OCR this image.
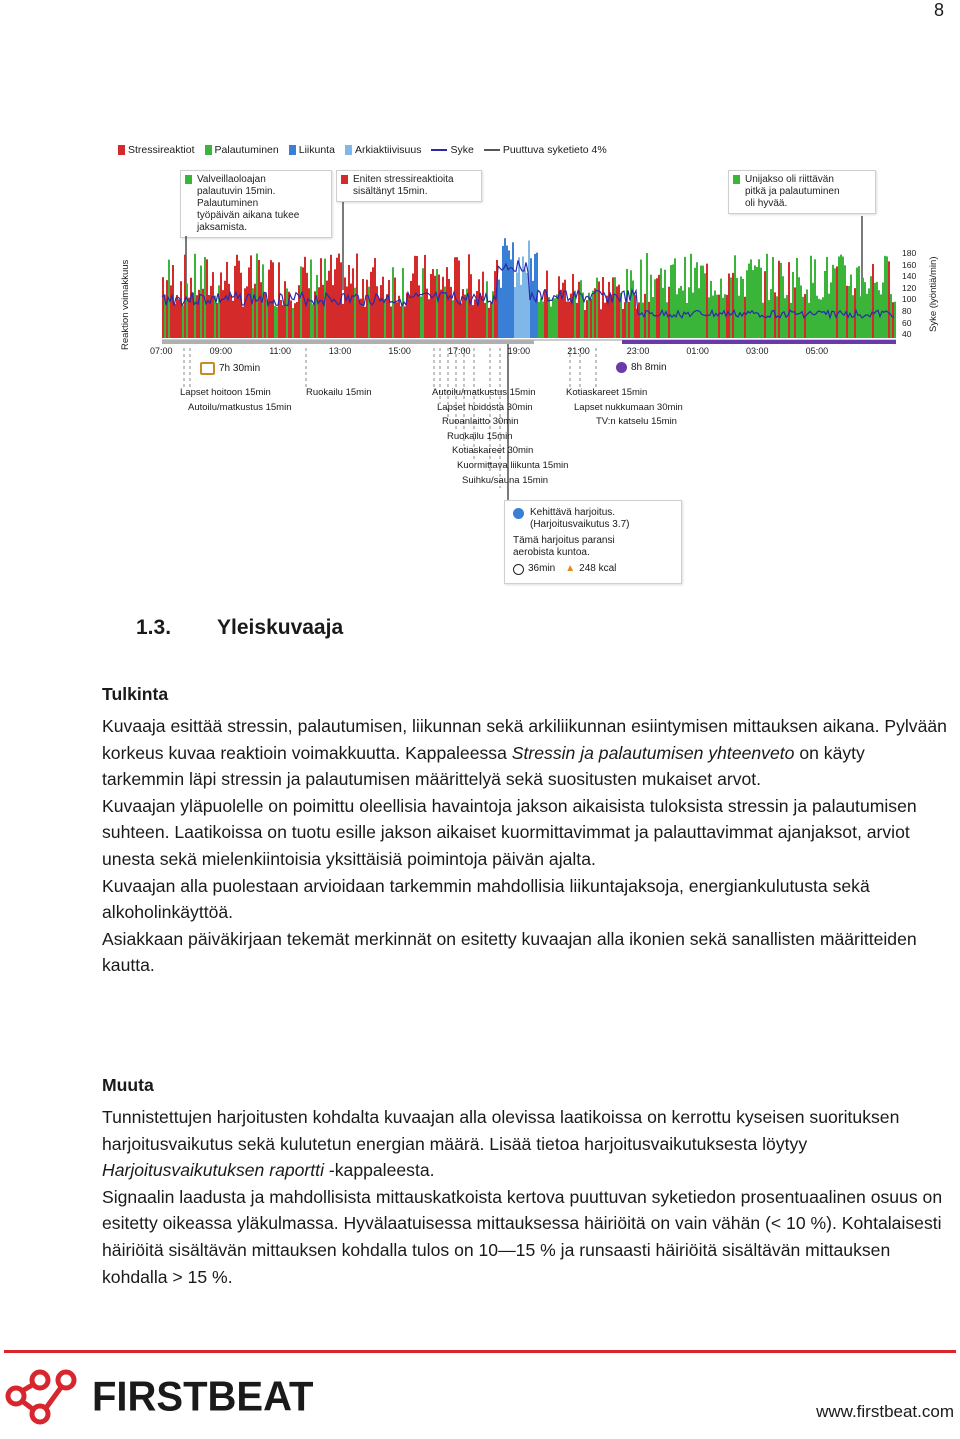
8
Stressireaktiot Palautuminen Liikunta Arkiaktiivisuus	Syke	Puuttuva syketieto 4%
Valveillaoloajan
palautuvin 15min.
Palautuminen
työpäivän aikana tukee
jaksamista.
Eniten stressireaktioita
sisältänyt 15min.
Unijakso oli riittävän
pitkä ja palautuminen
oli hyvää.
Reaktion voimakkuus
180
160
140
120
100
80
60
40
Syke (lyöntiä/min)
07:00	09:00	11:00	13:00	15:00	17:00	19:00	21:00	23:00	01:00	03:00	05:00
7h 30min	8h 8min
Lapset hoitoon 15min
Autoilu/matkustus 15min
Ruokailu 15min	Autoilu/matkustus 15min
Lapset hoidosta 30min
Ruoanlaitto 30min
Ruokailu 15min
Kotiaskareet 30min
Kuormittava liikunta 15min
Suihku/sauna 15min
Kotiaskareet 15min
Lapset nukkumaan 30min
TV:n katselu 15min
Kehittävä harjoitus.
(Harjoitusvaikutus 3.7)
Tämä harjoitus paransi
aerobista kuntoa.
36min ▲ 248 kcal
1.3. Yleiskuvaaja
Tulkinta

Kuvaaja esittää stressin, palautumisen, liikunnan sekä arkiliikunnan esiintymisen mittauksen aikana. Pylvään korkeus kuvaa reaktioin voimakkuutta. Kappaleessa Stressin ja palautumisen yhteenveto on käyty tarkemmin läpi stressin ja palautumisen määrittelyä sekä suositusten mukaiset arvot.

Kuvaajan yläpuolelle on poimittu oleellisia havaintoja jakson aikaisista tuloksista stressin ja palautumisen suhteen. Laatikoissa on tuotu esille jakson aikaiset kuormittavimmat ja palauttavimmat ajanjaksot, arviot unesta sekä mielenkiintoisia yksittäisiä poimintoja päivän ajalta.

Kuvaajan alla puolestaan arvioidaan tarkemmin mahdollisia liikuntajaksoja, energiankulutusta sekä alkoholinkäyttöä.

Asiakkaan päiväkirjaan tekemät merkinnät on esitetty kuvaajan alla ikonien sekä sanallisten määritteiden kautta.

Muuta

Tunnistettujen harjoitusten kohdalta kuvaajan alla olevissa laatikoissa on kerrottu kyseisen suorituksen harjoitusvaikutus sekä kulutetun energian määrä. Lisää tietoa harjoitusvaikutuksesta löytyy Harjoitusvaikutuksen raportti -kappaleesta.

Signaalin laadusta ja mahdollisista mittauskatkoista kertova puuttuvan syketiedon prosentuaalinen osuus on esitetty oikeassa yläkulmassa. Hyvälaatuisessa mittauksessa häiriöitä on vain vähän (< 10 %). Kohtalaisesti häiriöitä sisältävän mittauksen kohdalla tulos on 10—15 % ja runsaasti häiriöitä sisältävän mittauksen kohdalla > 15 %.

FIRSTBEAT	www.firstbeat.com
